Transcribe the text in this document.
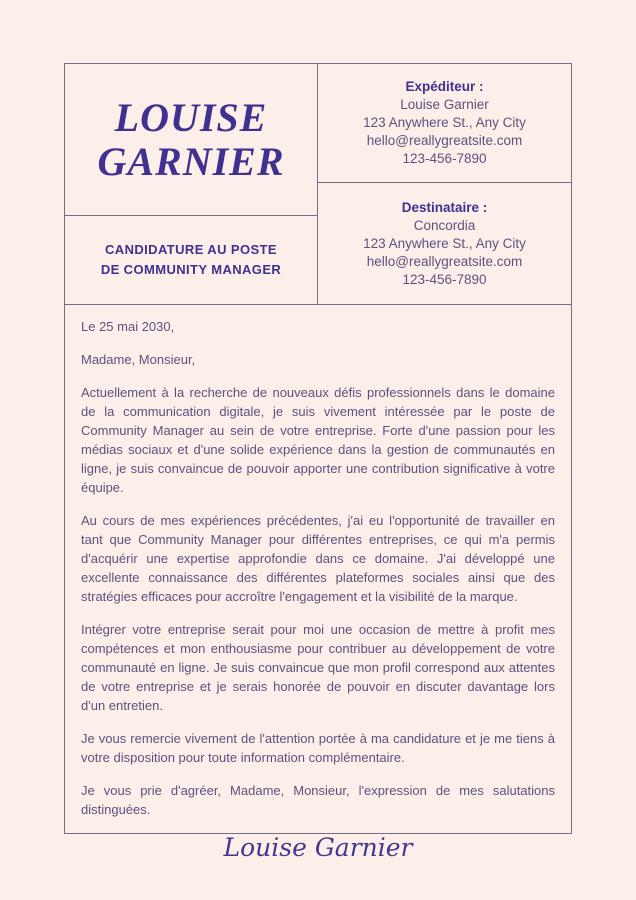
LOUISE
GARNIER
CANDIDATURE AU POSTE
DE COMMUNITY MANAGER
Expéditeur :
Louise Garnier
123 Anywhere St., Any City
hello@reallygreatsite.com
123-456-7890
Destinataire :
Concordia
123 Anywhere St., Any City
hello@reallygreatsite.com
123-456-7890

Le 25 mai 2030,

Madame, Monsieur,

Actuellement à la recherche de nouveaux défis professionnels dans le domaine de la communication digitale, je suis vivement intéressée par le poste de Community Manager au sein de votre entreprise. Forte d'une passion pour les médias sociaux et d'une solide expérience dans la gestion de communautés en ligne, je suis convaincue de pouvoir apporter une contribution significative à votre équipe.

Au cours de mes expériences précédentes, j'ai eu l'opportunité de travailler en tant que Community Manager pour différentes entreprises, ce qui m'a permis d'acquérir une expertise approfondie dans ce domaine. J'ai développé une excellente connaissance des différentes plateformes sociales ainsi que des stratégies efficaces pour accroître l'engagement et la visibilité de la marque.

Intégrer votre entreprise serait pour moi une occasion de mettre à profit mes compétences et mon enthousiasme pour contribuer au développement de votre communauté en ligne. Je suis convaincue que mon profil correspond aux attentes de votre entreprise et je serais honorée de pouvoir en discuter davantage lors d'un entretien.

Je vous remercie vivement de l'attention portée à ma candidature et je me tiens à votre disposition pour toute information complémentaire.

Je vous prie d'agréer, Madame, Monsieur, l'expression de mes salutations distinguées.

Louise Garnier
